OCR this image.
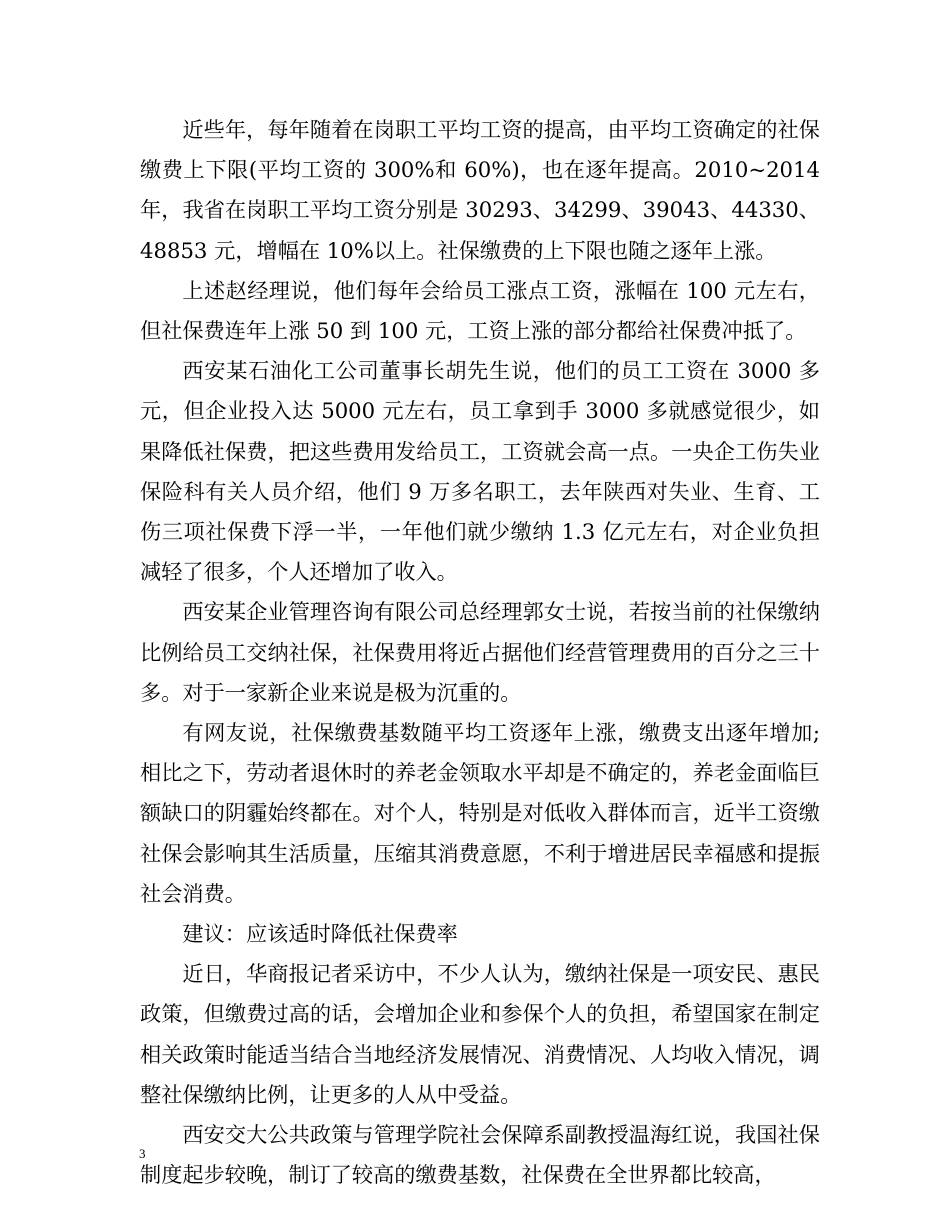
近些年，每年随着在岗职工平均工资的提高，由平均工资确定的社保缴费上下限(平均工资的 300%和 60%)，也在逐年提高。2010~2014 年，我省在岗职工平均工资分别是 30293、34299、39043、44330、48853 元，增幅在 10%以上。社保缴费的上下限也随之逐年上涨。

上述赵经理说，他们每年会给员工涨点工资，涨幅在 100 元左右，但社保费连年上涨 50 到 100 元，工资上涨的部分都给社保费冲抵了。

西安某石油化工公司董事长胡先生说，他们的员工工资在 3000 多元，但企业投入达 5000 元左右，员工拿到手 3000 多就感觉很少，如果降低社保费，把这些费用发给员工，工资就会高一点。一央企工伤失业保险科有关人员介绍，他们 9 万多名职工，去年陕西对失业、生育、工伤三项社保费下浮一半，一年他们就少缴纳 1.3 亿元左右，对企业负担减轻了很多，个人还增加了收入。

西安某企业管理咨询有限公司总经理郭女士说，若按当前的社保缴纳比例给员工交纳社保，社保费用将近占据他们经营管理费用的百分之三十多。对于一家新企业来说是极为沉重的。

有网友说，社保缴费基数随平均工资逐年上涨，缴费支出逐年增加;相比之下，劳动者退休时的养老金领取水平却是不确定的，养老金面临巨额缺口的阴霾始终都在。对个人，特别是对低收入群体而言，近半工资缴社保会影响其生活质量，压缩其消费意愿，不利于增进居民幸福感和提振社会消费。

建议：应该适时降低社保费率

近日，华商报记者采访中，不少人认为，缴纳社保是一项安民、惠民政策，但缴费过高的话，会增加企业和参保个人的负担，希望国家在制定相关政策时能适当结合当地经济发展情况、消费情况、人均收入情况，调整社保缴纳比例，让更多的人从中受益。

西安交大公共政策与管理学院社会保障系副教授温海红说，我国社保制度起步较晚，制订了较高的缴费基数，社保费在全世界都比较高，

3
